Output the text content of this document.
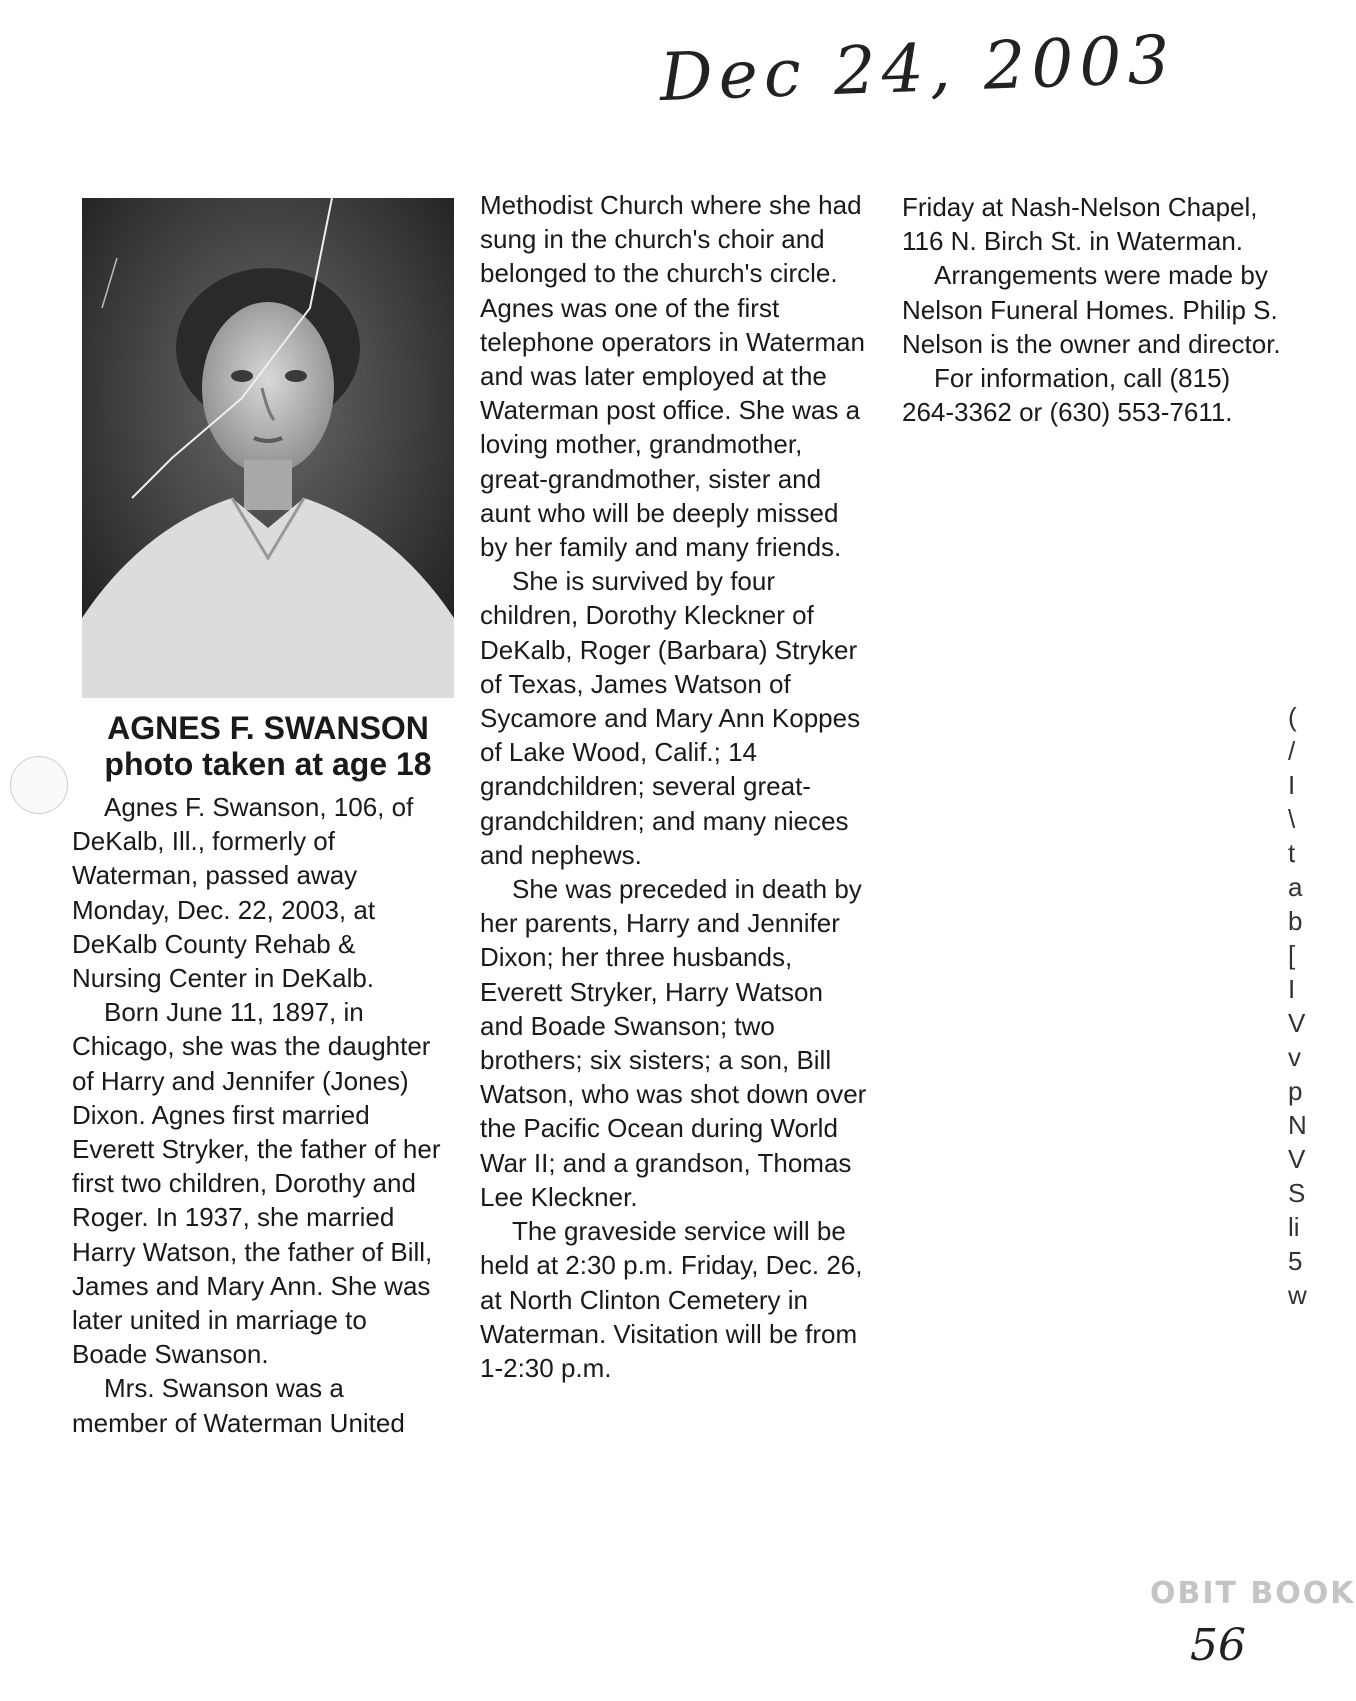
Dec 24, 2003
AGNES F. SWANSON
photo taken at age 18

Agnes F. Swanson, 106, of DeKalb, Ill., formerly of Waterman, passed away Monday, Dec. 22, 2003, at DeKalb County Rehab & Nursing Center in DeKalb.

Born June 11, 1897, in Chicago, she was the daughter of Harry and Jennifer (Jones) Dixon. Agnes first married Everett Stryker, the father of her first two children, Dorothy and Roger. In 1937, she married Harry Watson, the father of Bill, James and Mary Ann. She was later united in marriage to Boade Swanson.

Mrs. Swanson was a member of Waterman United

Methodist Church where she had sung in the church's choir and belonged to the church's circle. Agnes was one of the first telephone operators in Waterman and was later employed at the Waterman post office. She was a loving mother, grandmother, great-grandmother, sister and aunt who will be deeply missed by her family and many friends.

She is survived by four children, Dorothy Kleckner of DeKalb, Roger (Barbara) Stryker of Texas, James Watson of Sycamore and Mary Ann Koppes of Lake Wood, Calif.; 14 grandchildren; several great-grandchildren; and many nieces and nephews.

She was preceded in death by her parents, Harry and Jennifer Dixon; her three husbands, Everett Stryker, Harry Watson and Boade Swanson; two brothers; six sisters; a son, Bill Watson, who was shot down over the Pacific Ocean during World War II; and a grandson, Thomas Lee Kleckner.

The graveside service will be held at 2:30 p.m. Friday, Dec. 26, at North Clinton Cemetery in Waterman. Visitation will be from 1-2:30 p.m.

Friday at Nash-Nelson Chapel, 116 N. Birch St. in Waterman.

Arrangements were made by Nelson Funeral Homes. Philip S. Nelson is the owner and director.

For information, call (815) 264-3362 or (630) 553-7611.

(
/
I
\
t
a
b
[
I
V
v
p
N
V
S
li
5
w
OBIT BOOK
56
